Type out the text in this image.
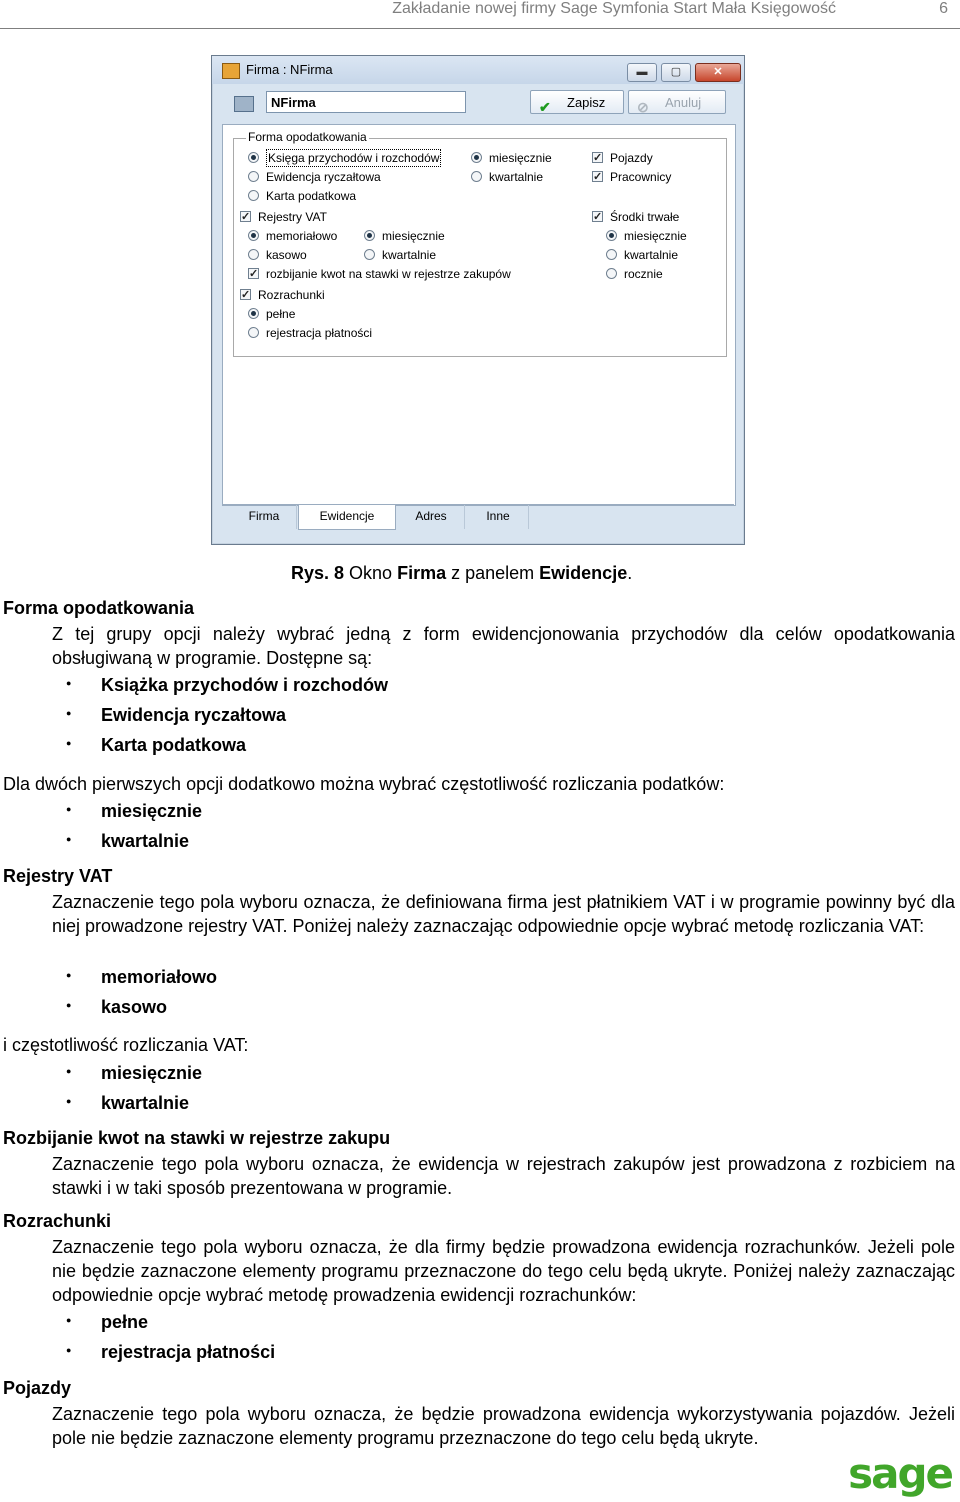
Zakładanie nowej firmy Sage Symfonia Start Mała Księgowość	6
Firma : NFirma	▬	▢	✕
NFirma	✔ Zapisz ⊘ Anuluj
Forma opodatkowania
Księga przychodów i rozchodów
Ewidencja ryczałtowa
Karta podatkowa
miesięcznie
kwartalnie
✓
Pojazdy
✓
Pracownicy
✓
Rejestry VAT
memoriałowo
kasowo
miesięcznie
kwartalnie
✓
rozbijanie kwot na stawki w rejestrze zakupów
✓
Środki trwałe
miesięcznie
kwartalnie
rocznie
✓
Rozrachunki
pełne
rejestracja płatności
Firma	Ewidencje	Adres	Inne
Rys. 8 Okno Firma z panelem Ewidencje.
Forma opodatkowania
Z tej grupy opcji należy wybrać jedną z form ewidencjonowania przychodów dla celów opodatkowania obsługiwaną w programie. Dostępne są:
Książka przychodów i rozchodów
Ewidencja ryczałtowa
Karta podatkowa
Dla dwóch pierwszych opcji dodatkowo można wybrać częstotliwość rozliczania podatków:
miesięcznie
kwartalnie
Rejestry VAT
Zaznaczenie tego pola wyboru oznacza, że definiowana firma jest płatnikiem VAT i w programie powinny być dla niej prowadzone rejestry VAT. Poniżej należy zaznaczając odpowiednie opcje wybrać metodę rozliczania VAT:
memoriałowo
kasowo
i częstotliwość rozliczania VAT:
miesięcznie
kwartalnie
Rozbijanie kwot na stawki w rejestrze zakupu
Zaznaczenie tego pola wyboru oznacza, że ewidencja w rejestrach zakupów jest prowadzona z rozbiciem na stawki i w taki sposób prezentowana w programie.
Rozrachunki
Zaznaczenie tego pola wyboru oznacza, że dla firmy będzie prowadzona ewidencja rozrachunków. Jeżeli pole nie będzie zaznaczone elementy programu przeznaczone do tego celu będą ukryte. Poniżej należy zaznaczając odpowiednie opcje wybrać metodę prowadzenia ewidencji rozrachunków:
pełne
rejestracja płatności
Pojazdy
Zaznaczenie tego pola wyboru oznacza, że będzie prowadzona ewidencja wykorzystywania pojazdów. Jeżeli pole nie będzie zaznaczone elementy programu przeznaczone do tego celu będą ukryte.
sage
